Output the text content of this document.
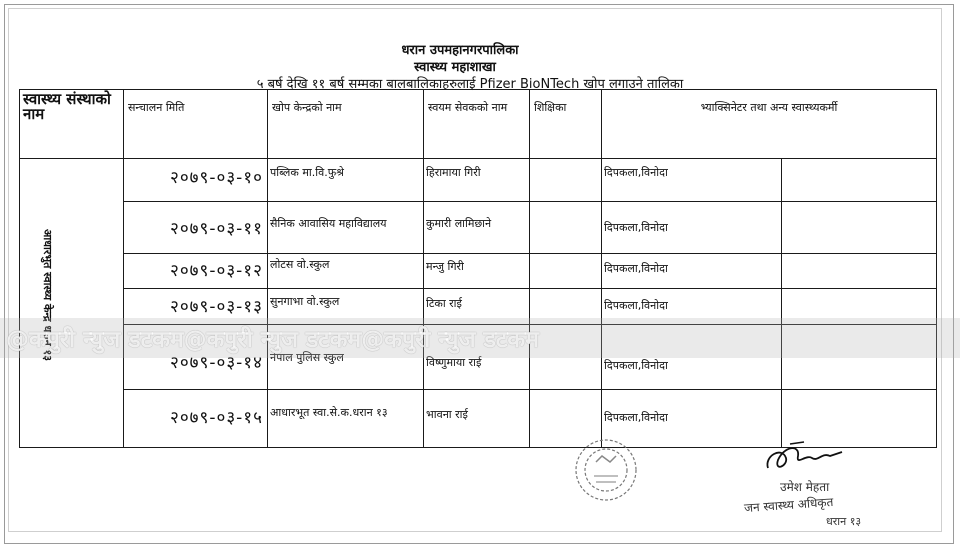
धरान उपमहानगरपालिका
स्वास्थ्य महाशाखा
५ बर्ष देखि ११ बर्ष सम्मका बालबालिकाहरुलाई Pfizer BioNTech खोप लगाउने तालिका
स्वास्थ्य संस्थाको नाम	सन्चालन मिति	खोप केन्द्रको नाम	स्वयम सेवकको नाम	शिक्षिका	भ्याक्सिनेटर तथा अन्य स्वास्थ्यकर्मी	

आधारभुत स्वास्थ्य केन्द्र धरान १३	२०७९-०३-१०	पब्लिक मा.वि.फुश्रे	हिरामाया गिरी		दिपकला,विनोदा	
	२०७९-०३-११	सैनिक आवासिय महाविद्यालय	कुमारी लामिछाने		दिपकला,विनोदा	
	२०७९-०३-१२	लोटस वो.स्कुल	मन्जु गिरी		दिपकला,विनोदा	
	२०७९-०३-१३	सुनगाभा वो.स्कुल	टिका राई		दिपकला,विनोदा	
	२०७९-०३-१४	नेपाल पुलिस स्कुल	विष्णुमाया राई		दिपकला,विनोदा	
	२०७९-०३-१५	आधारभूत स्वा.से.क.धरान १३	भावना राई		दिपकला,विनोदा	
@कपुरी न्युज डटकम@कपुरी न्युज डटकम@कपुरी न्युज डटकम
उमेश मेहता
जन स्वास्थ्य अधिकृत
धरान १३
